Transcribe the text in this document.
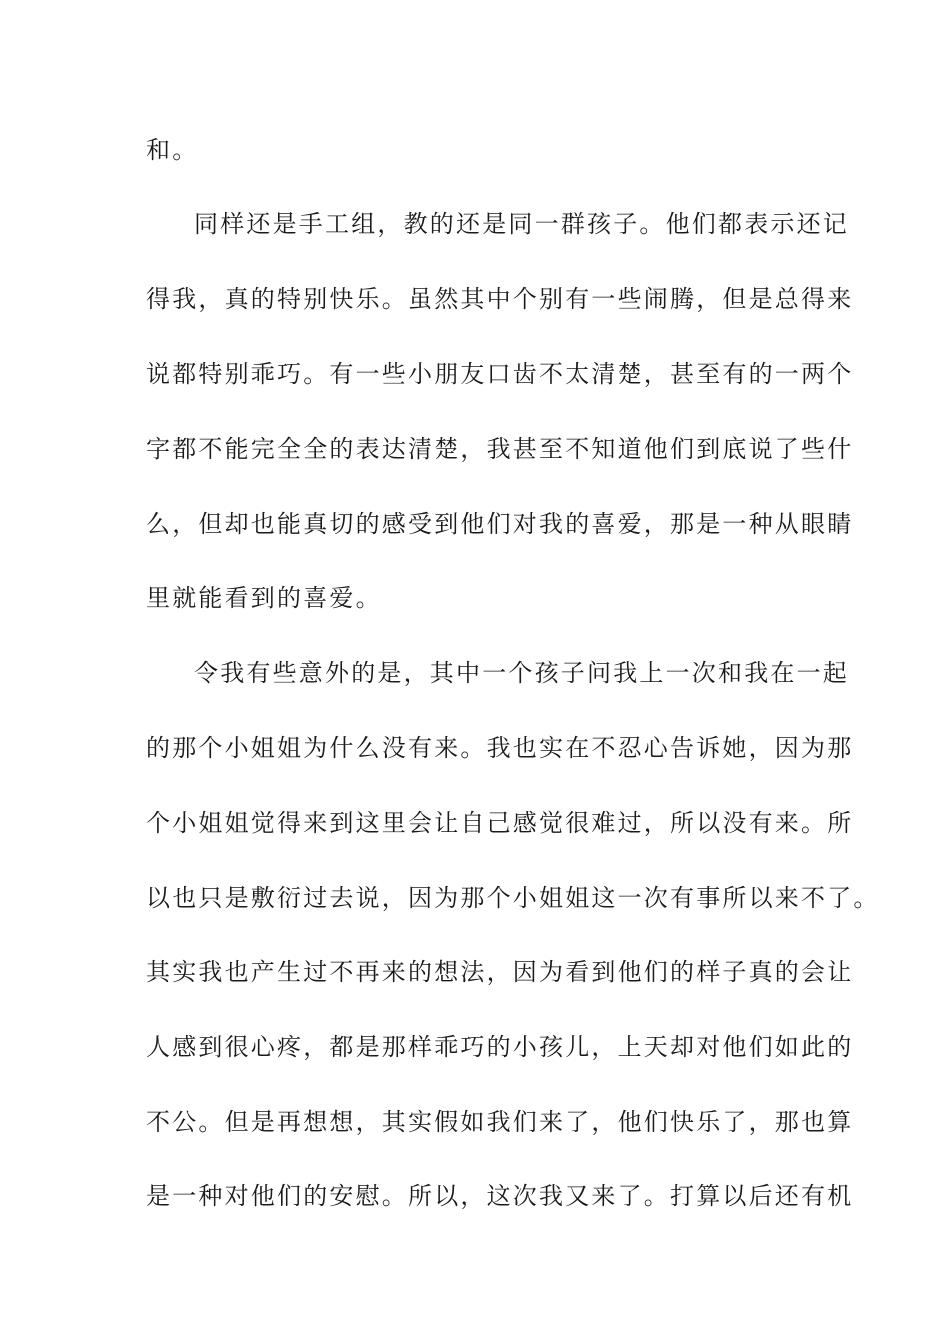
和。
同样还是手工组，教的还是同一群孩子。他们都表示还记
得我，真的特别快乐。虽然其中个别有一些闹腾，但是总得来
说都特别乖巧。有一些小朋友口齿不太清楚，甚至有的一两个
字都不能完全全的表达清楚，我甚至不知道他们到底说了些什
么，但却也能真切的感受到他们对我的喜爱，那是一种从眼睛
里就能看到的喜爱。
令我有些意外的是，其中一个孩子问我上一次和我在一起
的那个小姐姐为什么没有来。我也实在不忍心告诉她，因为那
个小姐姐觉得来到这里会让自己感觉很难过，所以没有来。所
以也只是敷衍过去说，因为那个小姐姐这一次有事所以来不了。
其实我也产生过不再来的想法，因为看到他们的样子真的会让
人感到很心疼，都是那样乖巧的小孩儿，上天却对他们如此的
不公。但是再想想，其实假如我们来了，他们快乐了，那也算
是一种对他们的安慰。所以，这次我又来了。打算以后还有机
